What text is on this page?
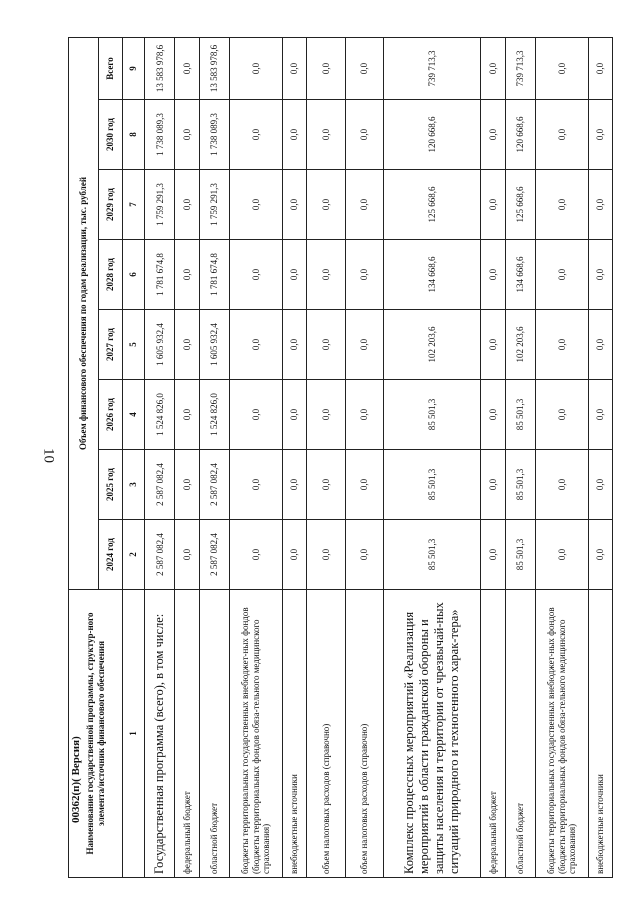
10
00362(п)( Версия) Наименование государственной программы, структур-ного элемента/источник финансового обеспечения	Объем финансового обеспечения по годам реализации, тыс. рублей							
	2024 год	2025 год	2026 год	2027 год	2028 год	2029 год	2030 год	Всего
1	2	3	4	5	6	7	8	9
Государственная программа (всего), в том числе:	2 587 082,4	2 587 082,4	1 524 826,0	1 605 932,4	1 781 674,8	1 759 291,3	1 738 089,3	13 583 978,6
федеральный бюджет	0,0	0,0	0,0	0,0	0,0	0,0	0,0	0,0
областной бюджет	2 587 082,4	2 587 082,4	1 524 826,0	1 605 932,4	1 781 674,8	1 759 291,3	1 738 089,3	13 583 978,6
бюджеты территориальных государственных внебюджет-ных фондов (бюджеты территориальных фондов обяза-тельного медицинского страхования)	0,0	0,0	0,0	0,0	0,0	0,0	0,0	0,0
внебюджетные источники	0,0	0,0	0,0	0,0	0,0	0,0	0,0	0,0
объем налоговых расходов (справочно)	0,0	0,0	0,0	0,0	0,0	0,0	0,0	0,0
объем налоговых расходов (справочно)	0,0	0,0	0,0	0,0	0,0	0,0	0,0	0,0
Комплекс процессных мероприятий «Реализация мероприятий в области гражданской обороны и защиты населения и территории от чрезвычай-ных ситуаций природного и техногенного харак-тера»	85 501,3	85 501,3	85 501,3	102 203,6	134 668,6	125 668,6	120 668,6	739 713,3
федеральный бюджет	0,0	0,0	0,0	0,0	0,0	0,0	0,0	0,0
областной бюджет	85 501,3	85 501,3	85 501,3	102 203,6	134 668,6	125 668,6	120 668,6	739 713,3
бюджеты территориальных государственных внебюджет-ных фондов (бюджеты территориальных фондов обяза-тельного медицинского страхования)	0,0	0,0	0,0	0,0	0,0	0,0	0,0	0,0
внебюджетные источники	0,0	0,0	0,0	0,0	0,0	0,0	0,0	0,0
